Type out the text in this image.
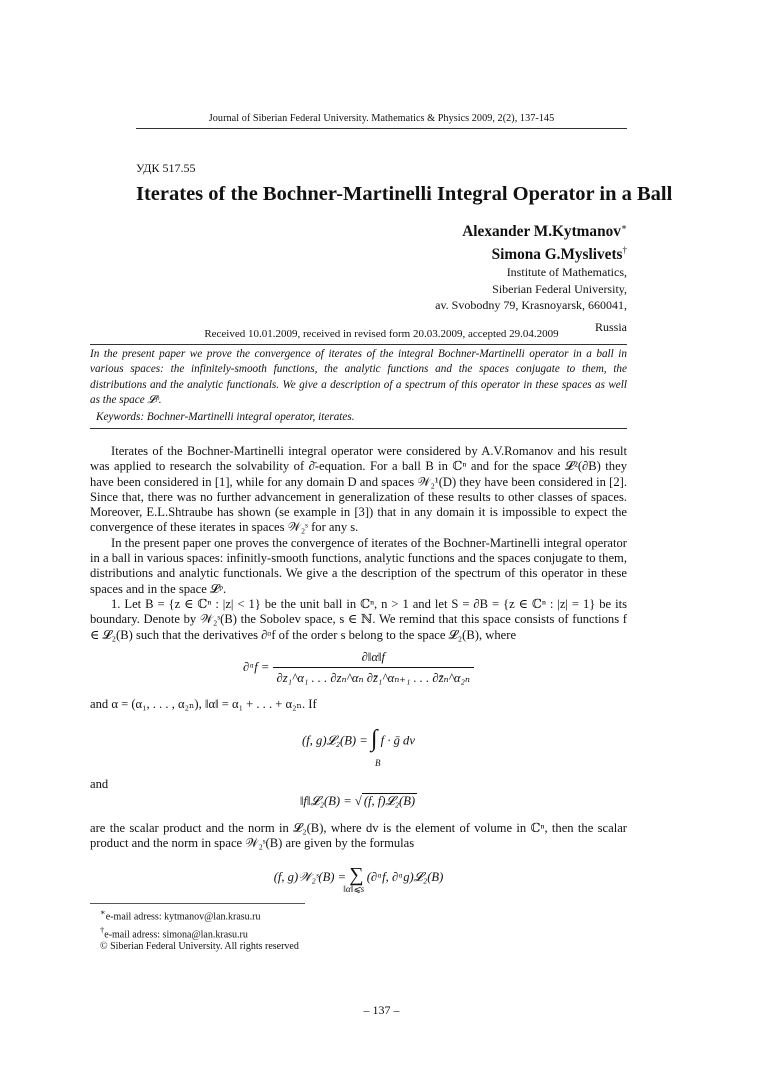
Journal of Siberian Federal University. Mathematics & Physics 2009, 2(2), 137-145
УДК 517.55
Iterates of the Bochner-Martinelli Integral Operator in a Ball
Alexander M.Kytmanov∗
Simona G.Myslivets†
Institute of Mathematics,
Siberian Federal University,
av. Svobodny 79, Krasnoyarsk, 660041,
Russia
Received 10.01.2009, received in revised form 20.03.2009, accepted 29.04.2009
In the present paper we prove the convergence of iterates of the integral Bochner-Martinelli operator in a ball in various spaces: the infinitely-smooth functions, the analytic functions and the spaces conjugate to them, the distributions and the analytic functionals. We give a description of a spectrum of this operator in these spaces as well as the space 𝓛ᵖ.
Keywords: Bochner-Martinelli integral operator, iterates.

Iterates of the Bochner-Martinelli integral operator were considered by A.V.Romanov and his result was applied to research the solvability of ∂̄-equation. For a ball B in ℂⁿ and for the space 𝓛²(∂B) they have been considered in [1], while for any domain D and spaces 𝒲₂¹(D) they have been considered in [2]. Since that, there was no further advancement in generalization of these results to other classes of spaces. Moreover, E.L.Shtraube has shown (se example in [3]) that in any domain it is impossible to expect the convergence of these iterates in spaces 𝒲₂ˢ for any s.

In the present paper one proves the convergence of iterates of the Bochner-Martinelli integral operator in a ball in various spaces: infinitly-smooth functions, analytic functions and the spaces conjugate to them, distributions and analytic functionals. We give a the description of the spectrum of this operator in these spaces and in the space 𝓛ᵖ.

1. Let B = {z ∈ ℂⁿ : |z| < 1} be the unit ball in ℂⁿ, n > 1 and let S = ∂B = {z ∈ ℂⁿ : |z| = 1} be its boundary. Denote by 𝒲₂ˢ(B) the Sobolev space, s ∈ ℕ. We remind that this space consists of functions f ∈ 𝓛₂(B) such that the derivatives ∂ᵅf of the order s belong to the space 𝓛₂(B), where

∂ᵅf = $\frac{\partial‖\alpha‖f}{\text{∂z₁\textasciicircum{}α₁ . . . ∂zₙ\textasciicircum{}αₙ ∂z̄₁\textasciicircum{}αₙ₊₁ . . . ∂z̄ₙ\textasciicircum{}α₂ₙ}}$

and α = (α₁, . . . , α₂ₙ), ‖α‖ = α₁ + . . . + α₂ₙ. If

(f, g)𝓛₂(B) = ∫
B
f · ḡ dv

and

‖f‖𝓛₂(B) = √ (f, f)𝓛₂(B)

are the scalar product and the norm in 𝓛₂(B), where dv is the element of volume in ℂⁿ, then the scalar product and the norm in space 𝒲₂ˢ(B) are given by the formulas

(f, g)𝒲₂ˢ(B) = ∑
‖α‖⩽s
(∂ᵅf, ∂ᵅg)𝓛₂(B)
∗e-mail adress: kytmanov@lan.krasu.ru
†e-mail adress: simona@lan.krasu.ru
© Siberian Federal University. All rights reserved
– 137 –
